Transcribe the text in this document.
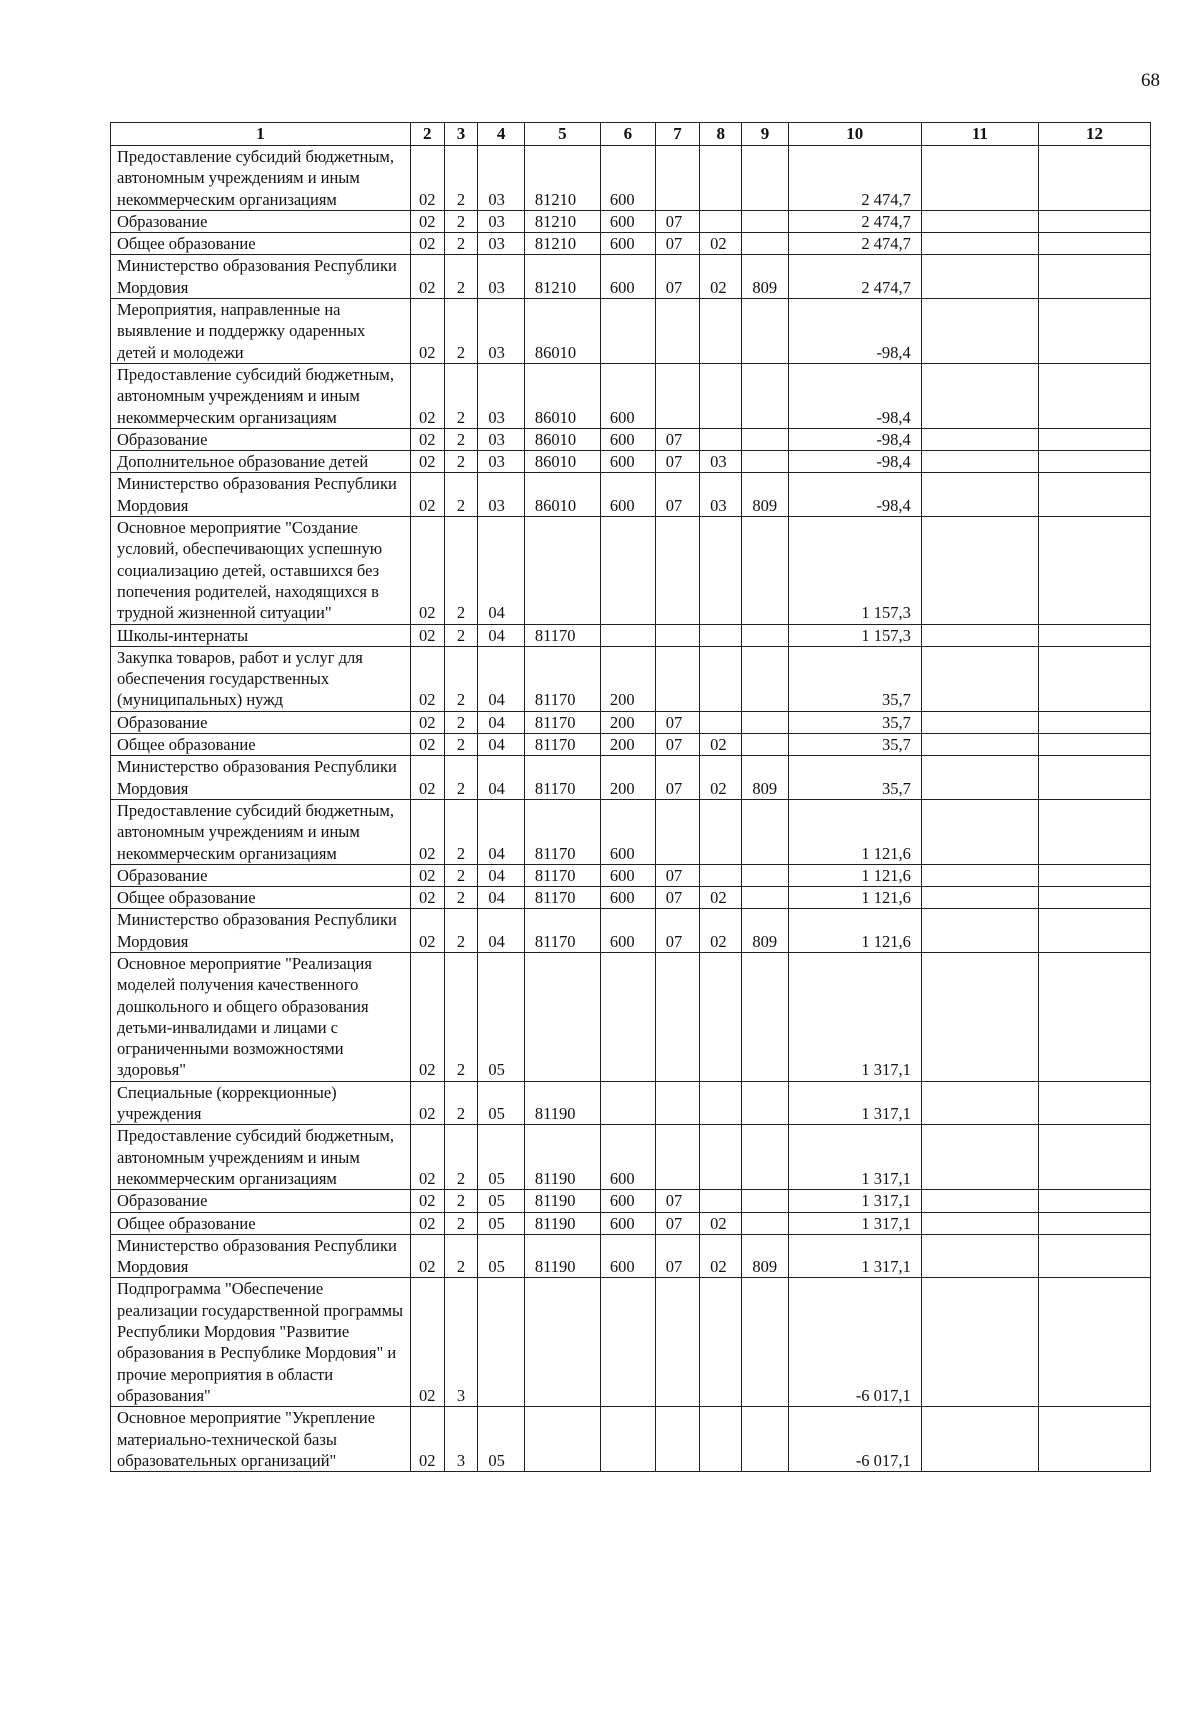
68
1	2	3	4	5	6	7	8	9	10	11	12
Предоставление субсидий бюджетным, автономным учреждениям и иным некоммерческим организациям	02	2	03	81210	600				2 474,7		
Образование	02	2	03	81210	600	07			2 474,7		
Общее образование	02	2	03	81210	600	07	02		2 474,7		
Министерство образования Республики Мордовия	02	2	03	81210	600	07	02	809	2 474,7		
Мероприятия, направленные на выявление и поддержку одаренных детей и молодежи	02	2	03	86010					-98,4		
Предоставление субсидий бюджетным, автономным учреждениям и иным некоммерческим организациям	02	2	03	86010	600				-98,4		
Образование	02	2	03	86010	600	07			-98,4		
Дополнительное образование детей	02	2	03	86010	600	07	03		-98,4		
Министерство образования Республики Мордовия	02	2	03	86010	600	07	03	809	-98,4		
Основное мероприятие "Создание условий, обеспечивающих успешную социализацию детей, оставшихся без попечения родителей, находящихся в трудной жизненной ситуации"	02	2	04						1 157,3		
Школы-интернаты	02	2	04	81170					1 157,3		
Закупка товаров, работ и услуг для обеспечения государственных (муниципальных) нужд	02	2	04	81170	200				35,7		
Образование	02	2	04	81170	200	07			35,7		
Общее образование	02	2	04	81170	200	07	02		35,7		
Министерство образования Республики Мордовия	02	2	04	81170	200	07	02	809	35,7		
Предоставление субсидий бюджетным, автономным учреждениям и иным некоммерческим организациям	02	2	04	81170	600				1 121,6		
Образование	02	2	04	81170	600	07			1 121,6		
Общее образование	02	2	04	81170	600	07	02		1 121,6		
Министерство образования Республики Мордовия	02	2	04	81170	600	07	02	809	1 121,6		
Основное мероприятие "Реализация моделей получения качественного дошкольного и общего образования детьми-инвалидами и лицами с ограниченными возможностями здоровья"	02	2	05						1 317,1		
Специальные (коррекционные) учреждения	02	2	05	81190					1 317,1		
Предоставление субсидий бюджетным, автономным учреждениям и иным некоммерческим организациям	02	2	05	81190	600				1 317,1		
Образование	02	2	05	81190	600	07			1 317,1		
Общее образование	02	2	05	81190	600	07	02		1 317,1		
Министерство образования Республики Мордовия	02	2	05	81190	600	07	02	809	1 317,1		
Подпрограмма "Обеспечение реализации государственной программы Республики Мордовия "Развитие образования в Республике Мордовия" и прочие мероприятия в области образования"	02	3							-6 017,1		
Основное мероприятие "Укрепление материально-технической базы образовательных организаций"	02	3	05						-6 017,1		
